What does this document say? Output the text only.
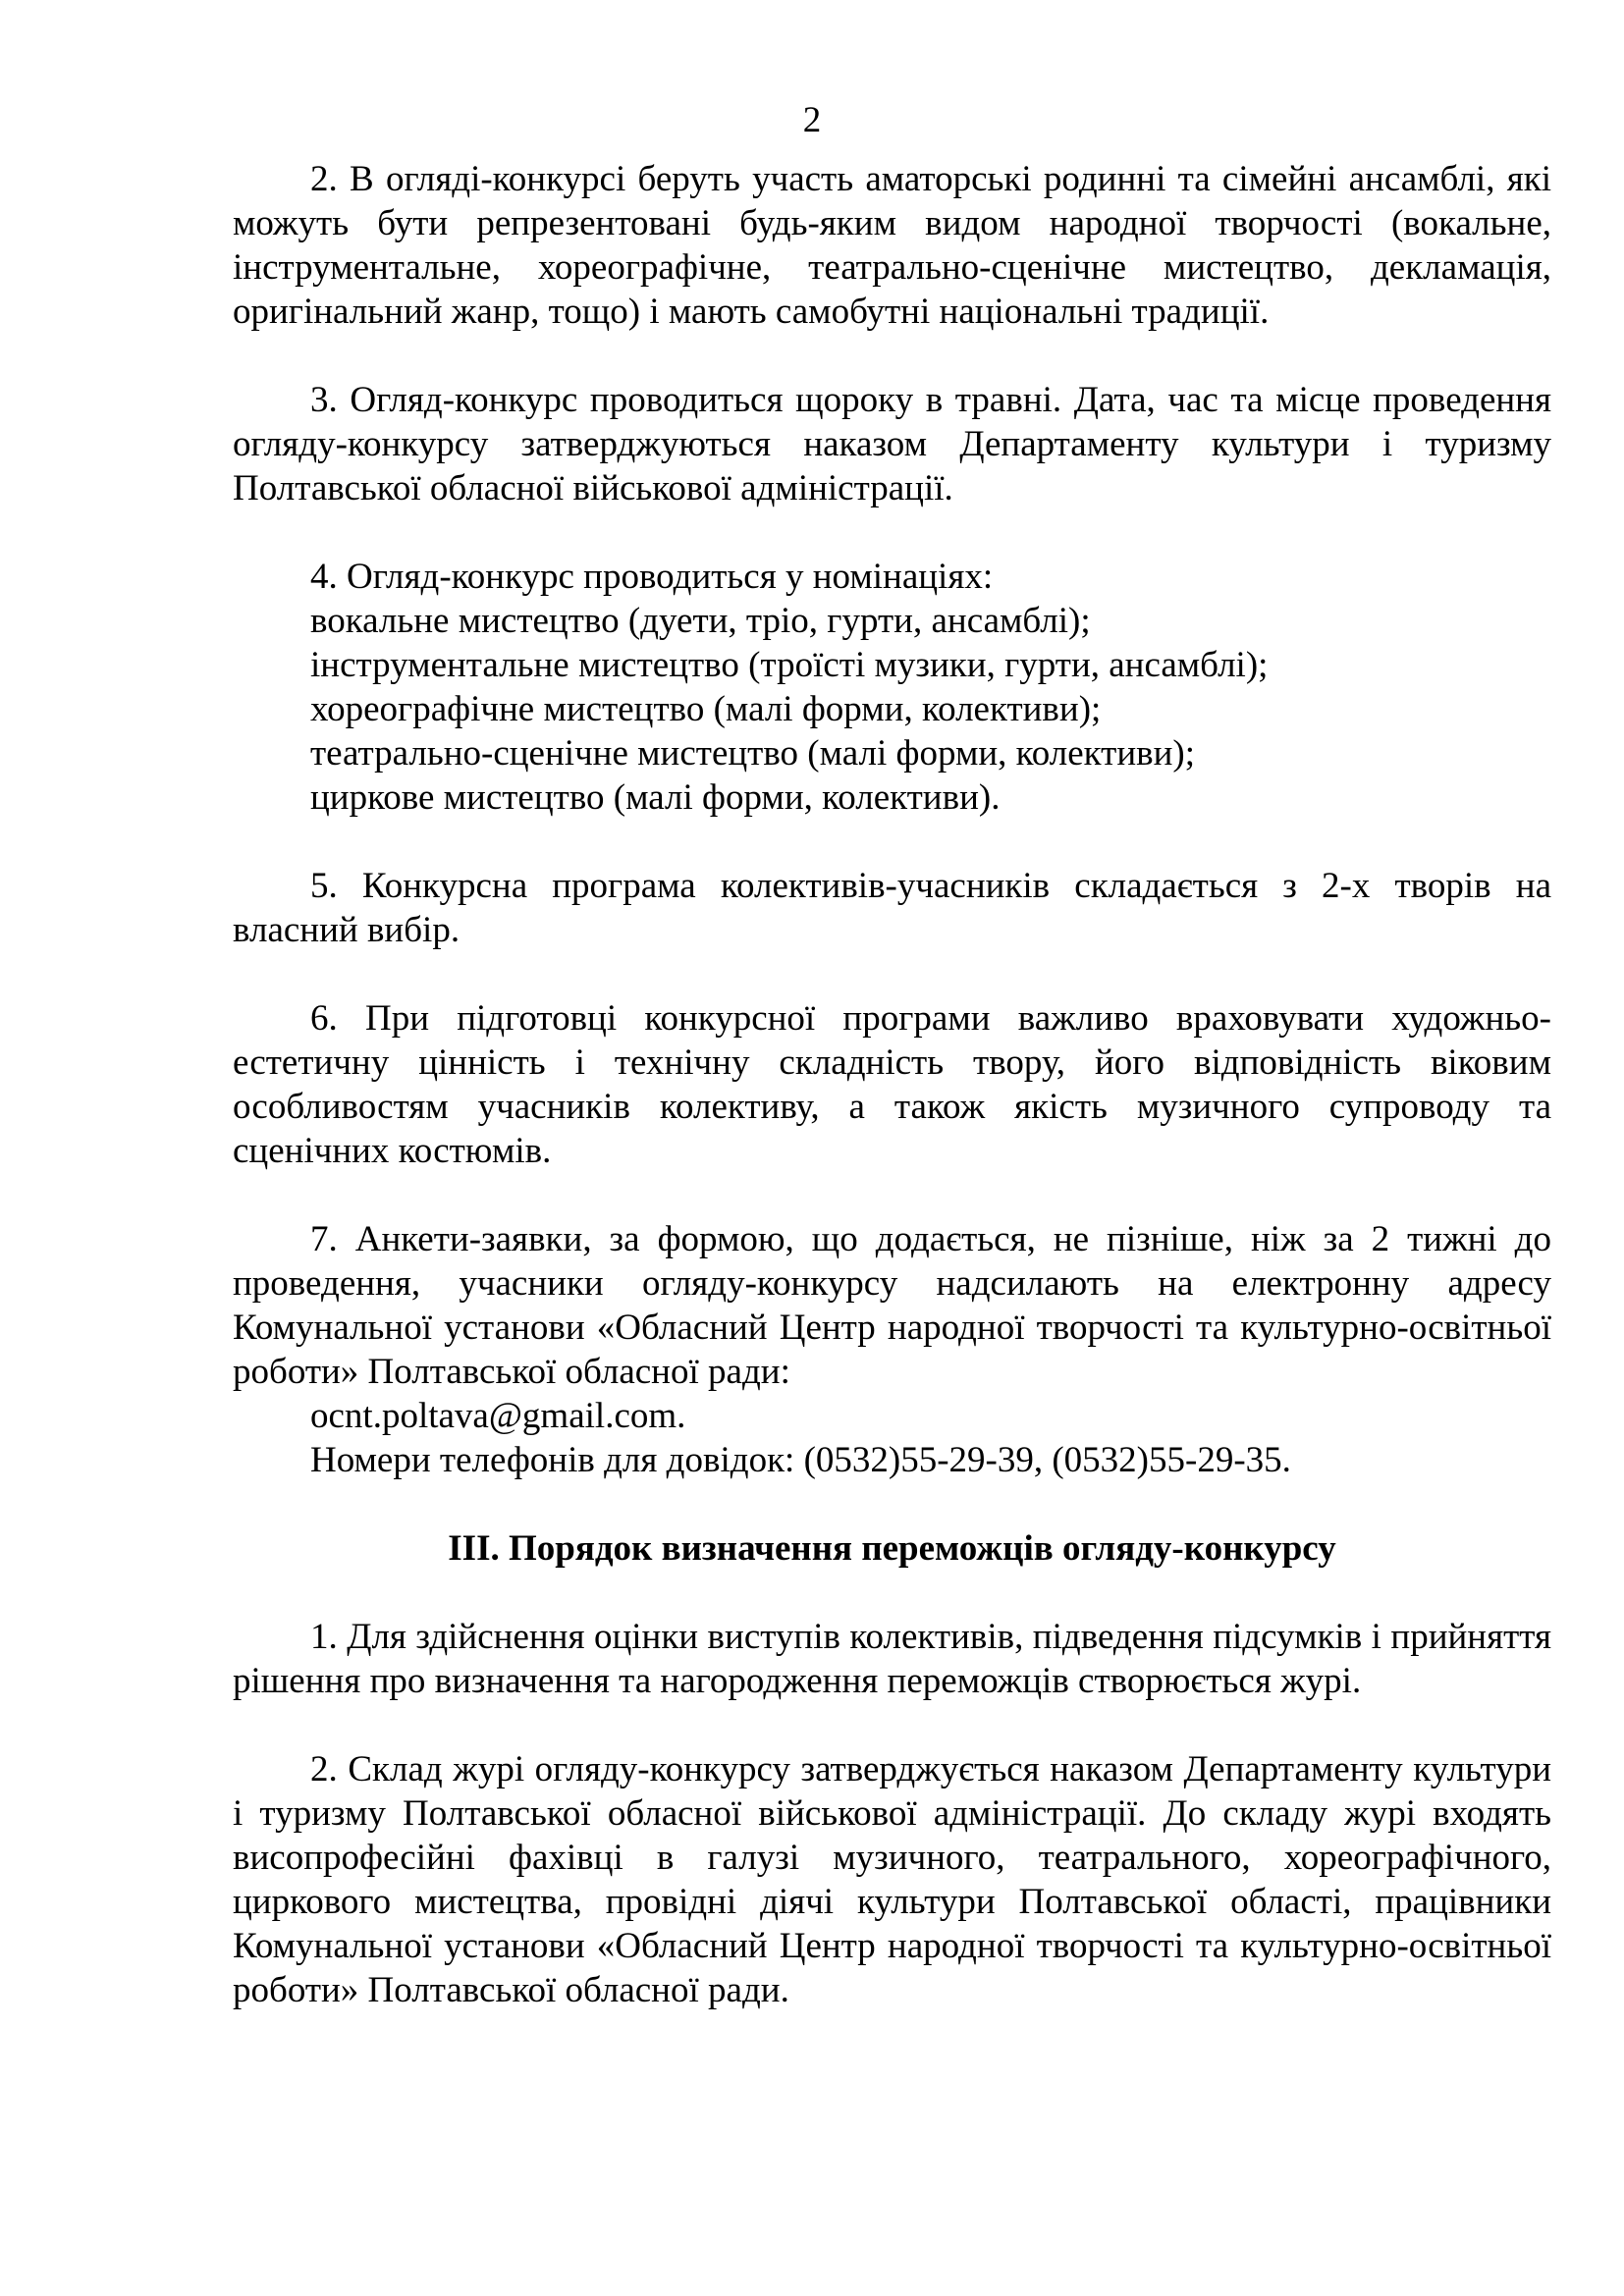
2

2. В огляді-конкурсі беруть участь аматорські родинні та сімейні ансамблі, які можуть бути репрезентовані будь-яким видом народної творчості (вокальне, інструментальне, хореографічне, театрально-сценічне мистецтво, декламація, оригінальний жанр, тощо) і мають самобутні національні традиції.

3. Огляд-конкурс проводиться щороку в травні. Дата, час та місце проведення огляду-конкурсу затверджуються наказом Департаменту культури і туризму Полтавської обласної військової адміністрації.

4. Огляд-конкурс проводиться у номінаціях:

вокальне мистецтво (дуети, тріо, гурти, ансамблі);

інструментальне мистецтво (троїсті музики, гурти, ансамблі);

хореографічне мистецтво (малі форми, колективи);

театрально-сценічне мистецтво (малі форми, колективи);

циркове мистецтво (малі форми, колективи).

5. Конкурсна програма колективів-учасників складається з 2-х творів на власний вибір.

6. При підготовці конкурсної програми важливо враховувати художньо-естетичну цінність і технічну складність твору, його відповідність віковим особливостям учасників колективу, а також якість музичного супроводу та сценічних костюмів.

7. Анкети-заявки, за формою, що додається, не пізніше, ніж за 2 тижні до проведення, учасники огляду-конкурсу надсилають на електронну адресу Комунальної установи «Обласний Центр народної творчості та культурно-освітньої роботи» Полтавської обласної ради:

ocnt.poltava@gmail.com.

Номери телефонів для довідок: (0532)55-29-39, (0532)55-29-35.

ІІІ. Порядок визначення переможців огляду-конкурсу

1. Для здійснення оцінки виступів колективів, підведення підсумків і прийняття рішення про визначення та нагородження переможців створюється журі.

2. Склад журі огляду-конкурсу затверджується наказом Департаменту культури і туризму Полтавської обласної військової адміністрації. До складу журі входять висопрофесійні фахівці в галузі музичного, театрального, хореографічного, циркового мистецтва, провідні діячі культури Полтавської області, працівники Комунальної установи «Обласний Центр народної творчості та культурно-освітньої роботи» Полтавської обласної ради.
